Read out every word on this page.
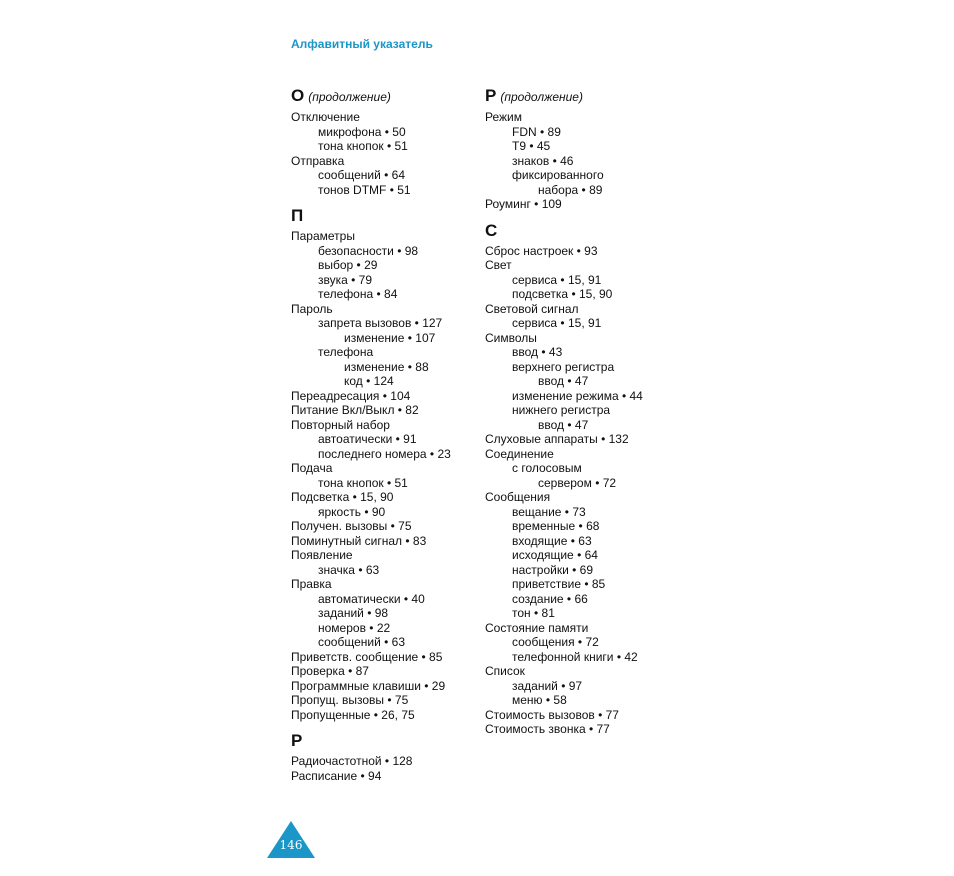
Алфавитный указатель
О (продолжение)
Отключение
микрофона • 50
тона кнопок • 51
Отправка
сообщений • 64
тонов DTMF • 51
П
Параметры
безопасности • 98
выбор • 29
звука • 79
телефона • 84
Пароль
запрета вызовов • 127
изменение • 107
телефона
изменение • 88
код • 124
Переадресация • 104
Питание Вкл/Выкл • 82
Повторный набор
автоатически • 91
последнего номера • 23
Подача
тона кнопок • 51
Подсветка • 15, 90
яркость • 90
Получен. вызовы • 75
Поминутный сигнал • 83
Появление
значка • 63
Правка
автоматически • 40
заданий • 98
номеров • 22
сообщений • 63
Приветств. сообщение • 85
Проверка • 87
Программные клавиши • 29
Пропущ. вызовы • 75
Пропущенные • 26, 75
Р
Радиочастотной • 128
Расписание • 94
Р (продолжение)
Режим
FDN • 89
T9 • 45
знаков • 46
фиксированного
набора • 89
Роуминг • 109
С
Сброс настроек • 93
Свет
сервиса • 15, 91
подсветка • 15, 90
Световой сигнал
сервиса • 15, 91
Символы
ввод • 43
верхнего регистра
ввод • 47
изменение режима • 44
нижнего регистра
ввод • 47
Слуховые аппараты • 132
Соединение
с голосовым
сервером • 72
Сообщения
вещание • 73
временные • 68
входящие • 63
исходящие • 64
настройки • 69
приветствие • 85
создание • 66
тон • 81
Состояние памяти
сообщения • 72
телефонной книги • 42
Список
заданий • 97
меню • 58
Стоимость вызовов • 77
Стоимость звонка • 77
146
